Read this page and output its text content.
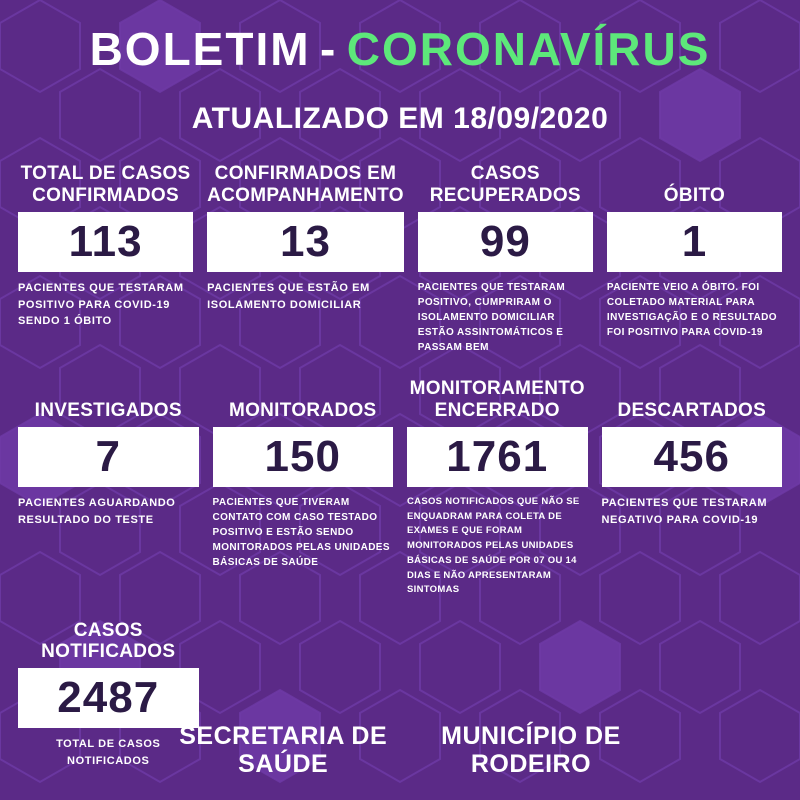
BOLETIM - CORONAVÍRUS
ATUALIZADO EM 18/09/2020
TOTAL DE CASOS
CONFIRMADOS
113
PACIENTES QUE TESTARAM POSITIVO PARA COVID-19 SENDO 1 ÓBITO
CONFIRMADOS EM
ACOMPANHAMENTO
13
PACIENTES QUE ESTÃO EM ISOLAMENTO DOMICILIAR
CASOS
RECUPERADOS
99
PACIENTES QUE TESTARAM POSITIVO, CUMPRIRAM O ISOLAMENTO DOMICILIAR ESTÃO ASSINTOMÁTICOS E PASSAM BEM
ÓBITO
1
PACIENTE VEIO A ÓBITO. FOI COLETADO MATERIAL PARA INVESTIGAÇÃO E O RESULTADO FOI POSITIVO PARA COVID-19
INVESTIGADOS
7
PACIENTES AGUARDANDO RESULTADO DO TESTE
MONITORADOS
150
PACIENTES QUE TIVERAM CONTATO COM CASO TESTADO POSITIVO E ESTÃO SENDO MONITORADOS PELAS UNIDADES BÁSICAS DE SAÚDE
MONITORAMENTO
ENCERRADO
1761
CASOS NOTIFICADOS QUE NÃO SE ENQUADRAM PARA COLETA DE EXAMES E QUE FORAM MONITORADOS PELAS UNIDADES BÁSICAS DE SAÚDE POR 07 OU 14 DIAS E NÃO APRESENTARAM SINTOMAS
DESCARTADOS
456
PACIENTES QUE TESTARAM NEGATIVO PARA COVID-19
CASOS
NOTIFICADOS
2487
TOTAL DE CASOS NOTIFICADOS
SECRETARIA DE
SAÚDE
MUNICÍPIO DE
RODEIRO
